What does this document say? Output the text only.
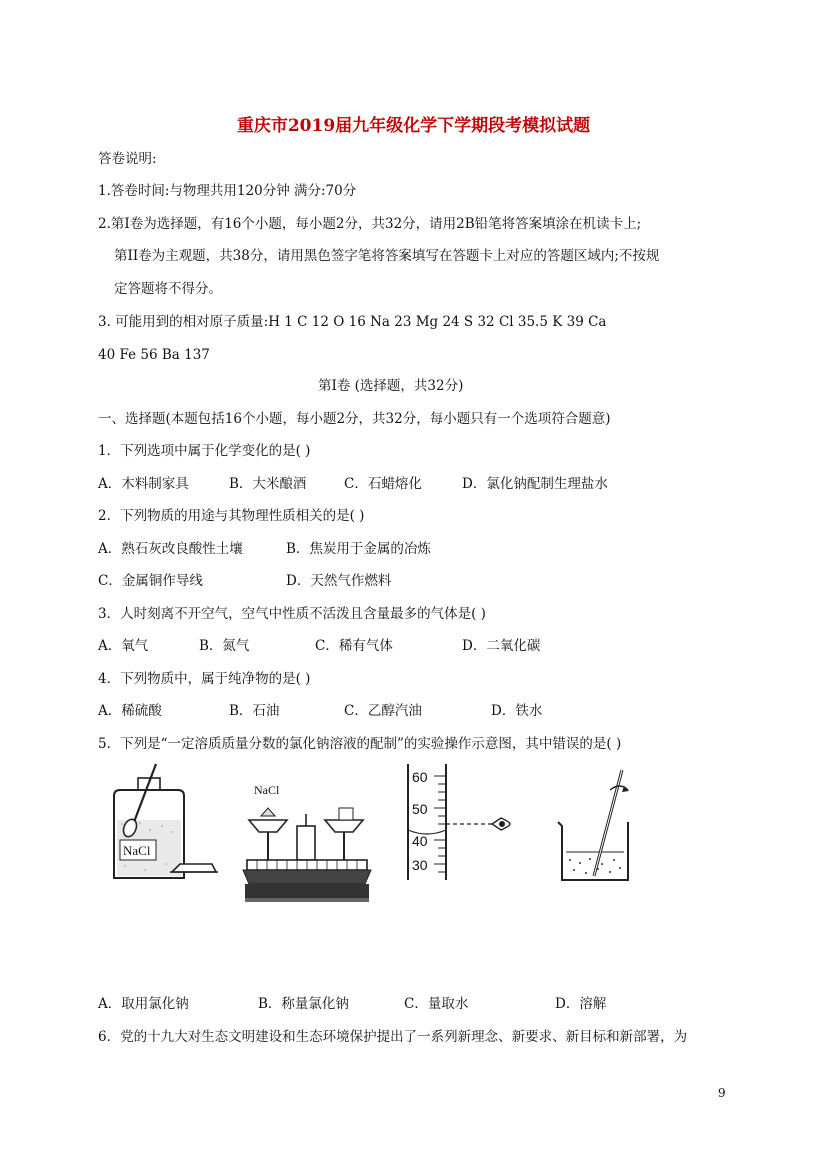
重庆市2019届九年级化学下学期段考模拟试题
答卷说明:
1.答卷时间:与物理共用120分钟 满分:70分
2.第I卷为选择题，有16个小题，每小题2分，共32分，请用2B铅笔将答案填涂在机读卡上;
第II卷为主观题，共38分，请用黑色签字笔将答案填写在答题卡上对应的答题区域内;不按规
定答题将不得分。
3. 可能用到的相对原子质量:H 1 C 12 O 16 Na 23 Mg 24 S 32 Cl 35.5 K 39 Ca
40 Fe 56 Ba 137
第I卷 (选择题，共32分)
一、选择题(本题包括16个小题，每小题2分，共32分，每小题只有一个选项符合题意)
1．下列选项中属于化学变化的是( )
A．木料制家具	B．大米酿酒	C．石蜡熔化	D．氯化钠配制生理盐水
2．下列物质的用途与其物理性质相关的是( )
A．熟石灰改良酸性土壤	B．焦炭用于金属的冶炼
C．金属铜作导线	D．天然气作燃料
3．人时刻离不开空气，空气中性质不活泼且含量最多的气体是( )
A．氧气	B．氮气	C．稀有气体	D．二氧化碳
4．下列物质中，属于纯净物的是( )
A．稀硫酸	B．石油	C．乙醇汽油	D．铁水
5．下列是“一定溶质质量分数的氯化钠溶液的配制”的实验操作示意图，其中错误的是( )
NaCl
NaCl
60
50
40
30
A．取用氯化钠	B．称量氯化钠	C．量取水	D．溶解
6．党的十九大对生态文明建设和生态环境保护提出了一系列新理念、新要求、新目标和新部署，为
9
